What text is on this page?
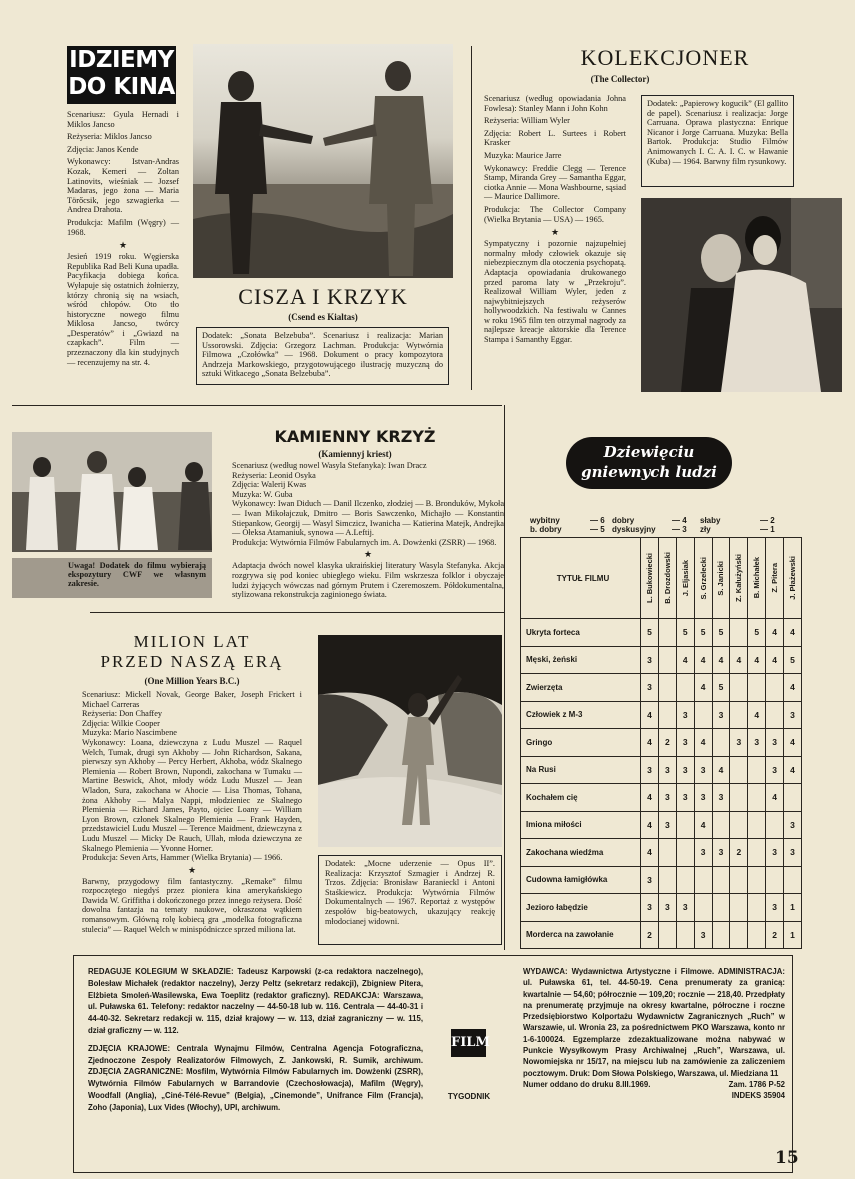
IDZIEMY
DO KINA

Scenariusz: Gyula Hernadi i Miklos Jancso

Reżyseria: Miklos Jancso

Zdjęcia: Janos Kende

Wykonawcy: Istvan-Andras Kozak, Kemeri — Zoltan Latinovits, wieśniak — Jozsef Madaras, jego żona — Maria Törőcsik, jego szwagierka — Andrea Drahota.

Produkcja: Mafilm (Węgry) — 1968.

★

Jesień 1919 roku. Węgierska Republika Rad Beli Kuna upadła. Pacyfikacja dobiega końca. Wyłapuje się ostatnich żołnierzy, którzy chronią się na wsiach, wśród chłopów. Oto tło historyczne nowego filmu Miklosa Jancso, twórcy „Desperatów” i „Gwiazd na czapkach”. Film — przeznaczony dla kin studyjnych — recenzujemy na str. 4.

CISZA I KRZYK
(Csend es Kialtas)
Dodatek: „Sonata Belzebuba”. Scenariusz i realizacja: Marian Ussorowski. Zdjęcia: Grzegorz Lachman. Produkcja: Wytwórnia Filmowa „Czołówka” — 1968. Dokument o pracy kompozytora Andrzeja Markowskiego, przygotowującego ilustrację muzyczną do sztuki Witkacego „Sonata Belzebuba”.
KOLEKCJONER
(The Collector)

Scenariusz (według opowiadania Johna Fowlesa): Stanley Mann i John Kohn

Reżyseria: William Wyler

Zdjęcia: Robert L. Surtees i Robert Krasker

Muzyka: Maurice Jarre

Wykonawcy: Freddie Clegg — Terence Stamp, Miranda Grey — Samantha Eggar, ciotka Annie — Mona Washbourne, sąsiad — Maurice Dallimore.

Produkcja: The Collector Company (Wielka Brytania — USA) — 1965.

★

Sympatyczny i pozornie najzupełniej normalny młody człowiek okazuje się niebezpiecznym dla otoczenia psychopatą. Adaptacja opowiadania drukowanego przed paroma laty w „Przekroju”. Realizował William Wyler, jeden z najwybitniejszych reżyserów hollywoodzkich. Na festiwalu w Cannes w roku 1965 film ten otrzymał nagrody za najlepsze kreacje aktorskie dla Terence Stampa i Samanthy Eggar.

Dodatek: „Papierowy kogucik” (El gallito de papel). Scenariusz i realizacja: Jorge Carruana. Oprawa plastyczna: Enrique Nicanor i Jorge Carruana. Muzyka: Bella Bartok. Produkcja: Studio Filmów Animowanych I. C. A. I. C. w Hawanie (Kuba) — 1964. Barwny film rysunkowy.
Uwaga! Dodatek do filmu wybierają ekspozytury CWF we własnym zakresie.
KAMIENNY KRZYŻ
(Kamiennyj kriest)

Scenariusz (według nowel Wasyla Stefanyka): Iwan Dracz

Reżyseria: Leonid Osyka

Zdjęcia: Walerij Kwas

Muzyka: W. Guba

Wykonawcy: Iwan Diduch — Danil Ilczenko, złodziej — B. Bronduków, Mykoła — Iwan Mikołajczuk, Dmitro — Boris Sawczenko, Michajło — Konstantin Stiepankow, Georgij — Wasyl Simczicz, Iwanicha — Katierina Matejk, Andrejka — Ołeksa Atamaniuk, synowa — A.Leftij.

Produkcja: Wytwórnia Filmów Fabularnych im. A. Dowżenki (ZSRR) — 1968.

★

Adaptacja dwóch nowel klasyka ukraińskiej literatury Wasyla Stefanyka. Akcja rozgrywa się pod koniec ubiegłego wieku. Film wskrzesza folklor i obyczaje ludzi żyjących wówczas nad górnym Prutem i Czeremoszem. Półdokumentalna, stylizowana rekonstrukcja zaginionego świata.

MILION LAT
PRZED NASZĄ ERĄ
(One Million Years B.C.)

Scenariusz: Mickell Novak, George Baker, Joseph Frickert i Michael Carreras

Reżyseria: Don Chaffey

Zdjęcia: Wilkie Cooper

Muzyka: Mario Nascimbene

Wykonawcy: Loana, dziewczyna z Ludu Muszel — Raquel Welch, Tumak, drugi syn Akhoby — John Richardson, Sakana, pierwszy syn Akhoby — Percy Herbert, Akhoba, wódz Skalnego Plemienia — Robert Brown, Nupondi, zakochana w Tumaku — Martine Beswick, Ahot, młody wódz Ludu Muszel — Jean Wladon, Sura, zakochana w Ahocie — Lisa Thomas, Tohana, żona Akhoby — Malya Nappi, młodzieniec ze Skalnego Plemienia — Richard James, Payto, ojciec Loany — William Lyon Brown, członek Skalnego Plemienia — Frank Hayden, przedstawiciel Ludu Muszel — Terence Maidment, dziewczyna z Ludu Muszel — Micky De Rauch, Ullah, młoda dziewczyna ze Skalnego Plemienia — Yvonne Horner.

Produkcja: Seven Arts, Hammer (Wielka Brytania) — 1966.

★

Barwny, przygodowy film fantastyczny. „Remake” filmu rozpoczętego niegdyś przez pioniera kina amerykańskiego Dawida W. Griffitha i dokończonego przez innego reżysera. Dość dowolna fantazja na tematy naukowe, okraszona wątkiem romansowym. Główną rolę kobiecą gra „modelka fotograficzna stulecia” — Raquel Welch w minispódniczce sprzed miliona lat.

Dodatek: „Mocne uderzenie — Opus II”. Realizacja: Krzysztof Szmagier i Andrzej R. Trzos. Zdjęcia: Bronisław Baranieckl i Antoni Staśkiewicz. Produkcja: Wytwórnia Filmów Dokumentalnych — 1967. Reportaż z występów zespołów big-beatowych, ukazujący reakcję młodocianej widowni.
Dziewięciu
gniewnych ludzi
wybitny	— 6 dobry	— 4	słaby	— 2
b. dobry	— 5 dyskusyjny	— 3	zły	— 1
TYTUŁ FILMU	L. Bukowiecki	B. Drozdowski	J. Eljasiak	S. Grzelecki	S. Janicki	Z. Kałużyński	B. Michałek	Z. Pitera	J. Płażewski

Ukryta forteca	5		5	5	5		5	4	4
Męski, żeński	3		4	4	4	4	4	4	5
Zwierzęta	3			4	5				4
Człowiek z M-3	4		3		3		4		3
Gringo	4	2	3	4		3	3	3	4
Na Rusi	3	3	3	3	4			3	4
Kochałem cię	4	3	3	3	3			4	
Imiona miłości	4	3		4					3
Zakochana wiedźma	4			3	3	2		3	3
Cudowna łamigłówka	3								
Jezioro łabędzie	3	3	3					3	1
Morderca na zawołanie	2			3				2	1

REDAGUJE KOLEGIUM W SKŁADZIE: Tadeusz Karpowski (z-ca redaktora naczelnego), Bolesław Michałek (redaktor naczelny), Jerzy Peltz (sekretarz redakcji), Zbigniew Pitera, Elżbieta Smoleń-Wasilewska, Ewa Toeplitz (redaktor graficzny). REDAKCJA: Warszawa, ul. Puławska 61. Telefony: redaktor naczelny — 44-50-18 lub w. 116. Centrala — 44-40-31 i 44-40-32. Sekretarz redakcji w. 115, dział krajowy — w. 113, dział zagraniczny — w. 115, dział graficzny — w. 112.

ZDJĘCIA KRAJOWE: Centrala Wynajmu Filmów, Centralna Agencja Fotograficzna, Zjednoczone Zespoły Realizatorów Filmowych, Z. Jankowski, R. Sumik, archiwum. ZDJĘCIA ZAGRANICZNE: Mosfilm, Wytwórnia Filmów Fabularnych im. Dowżenki (ZSRR), Wytwórnia Filmów Fabularnych w Barrandovie (Czechosłowacja), Mafilm (Węgry), Woodfall (Anglia), „Ciné-Télé-Revue” (Belgia), „Cinemonde”, Unifrance Film (Francja), Zoho (Japonia), Lux Vides (Włochy), UPI, archiwum.

FILM
TYGODNIK
WYDAWCA: Wydawnictwa Artystyczne i Filmowe. ADMINISTRACJA: ul. Puławska 61, tel. 44-50-19. Cena prenumeraty za granicą: kwartalnie — 54,60; półrocznie — 109,20; rocznie — 218,40. Przedpłaty na prenumeratę przyjmuje na okresy kwartalne, półroczne i roczne Przedsiębiorstwo Kolportażu Wydawnictw Zagranicznych „Ruch” w Warszawie, ul. Wronia 23, za pośrednictwem PKO Warszawa, konto nr 1-6-100024. Egzemplarze zdezaktualizowane można nabywać w Punkcie Wysyłkowym Prasy Archiwalnej „Ruch”, Warszawa, ul. Nowomiejska nr 15/17, na miejscu lub na zamówienie za zaliczeniem pocztowym. Druk: Dom Słowa Polskiego, Warszawa, ul. Miedziana 11
Numer oddano do druku 8.III.1969.	Zam. 1786 P-52
INDEKS 35904
15
